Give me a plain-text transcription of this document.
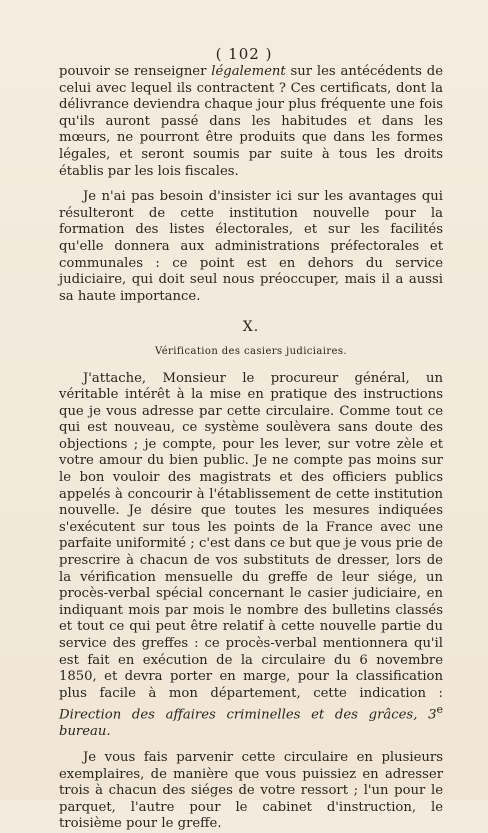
( 102 )

pouvoir se renseigner légalement sur les antécédents de celui avec lequel ils contractent ? Ces certificats, dont la délivrance deviendra chaque jour plus fréquente une fois qu'ils auront passé dans les habitudes et dans les mœurs, ne pourront être produits que dans les formes légales, et seront soumis par suite à tous les droits établis par les lois fiscales.

Je n'ai pas besoin d'insister ici sur les avantages qui résulteront de cette institution nouvelle pour la formation des listes électorales, et sur les facilités qu'elle donnera aux administrations préfectorales et communales : ce point est en dehors du service judiciaire, qui doit seul nous préoccuper, mais il a aussi sa haute importance.

X.
Vérification des casiers judiciaires.

J'attache, Monsieur le procureur général, un véritable intérêt à la mise en pratique des instructions que je vous adresse par cette circulaire. Comme tout ce qui est nouveau, ce système soulèvera sans doute des objections ; je compte, pour les lever, sur votre zèle et votre amour du bien public. Je ne compte pas moins sur le bon vouloir des magistrats et des officiers publics appelés à concourir à l'établissement de cette institution nouvelle. Je désire que toutes les mesures indiquées s'exécutent sur tous les points de la France avec une parfaite uniformité ; c'est dans ce but que je vous prie de prescrire à chacun de vos substituts de dresser, lors de la vérification mensuelle du greffe de leur siége, un procès-verbal spécial concernant le casier judiciaire, en indiquant mois par mois le nombre des bulletins classés et tout ce qui peut être relatif à cette nouvelle partie du service des greffes : ce procès-verbal mentionnera qu'il est fait en exécution de la circulaire du 6 novembre 1850, et devra porter en marge, pour la classification plus facile à mon département, cette indication : Direction des affaires criminelles et des grâces, 3e bureau.

Je vous fais parvenir cette circulaire en plusieurs exemplaires, de manière que vous puissiez en adresser trois à chacun des siéges de votre ressort ; l'un pour le parquet, l'autre pour le cabinet d'instruction, le troisième pour le greffe.
